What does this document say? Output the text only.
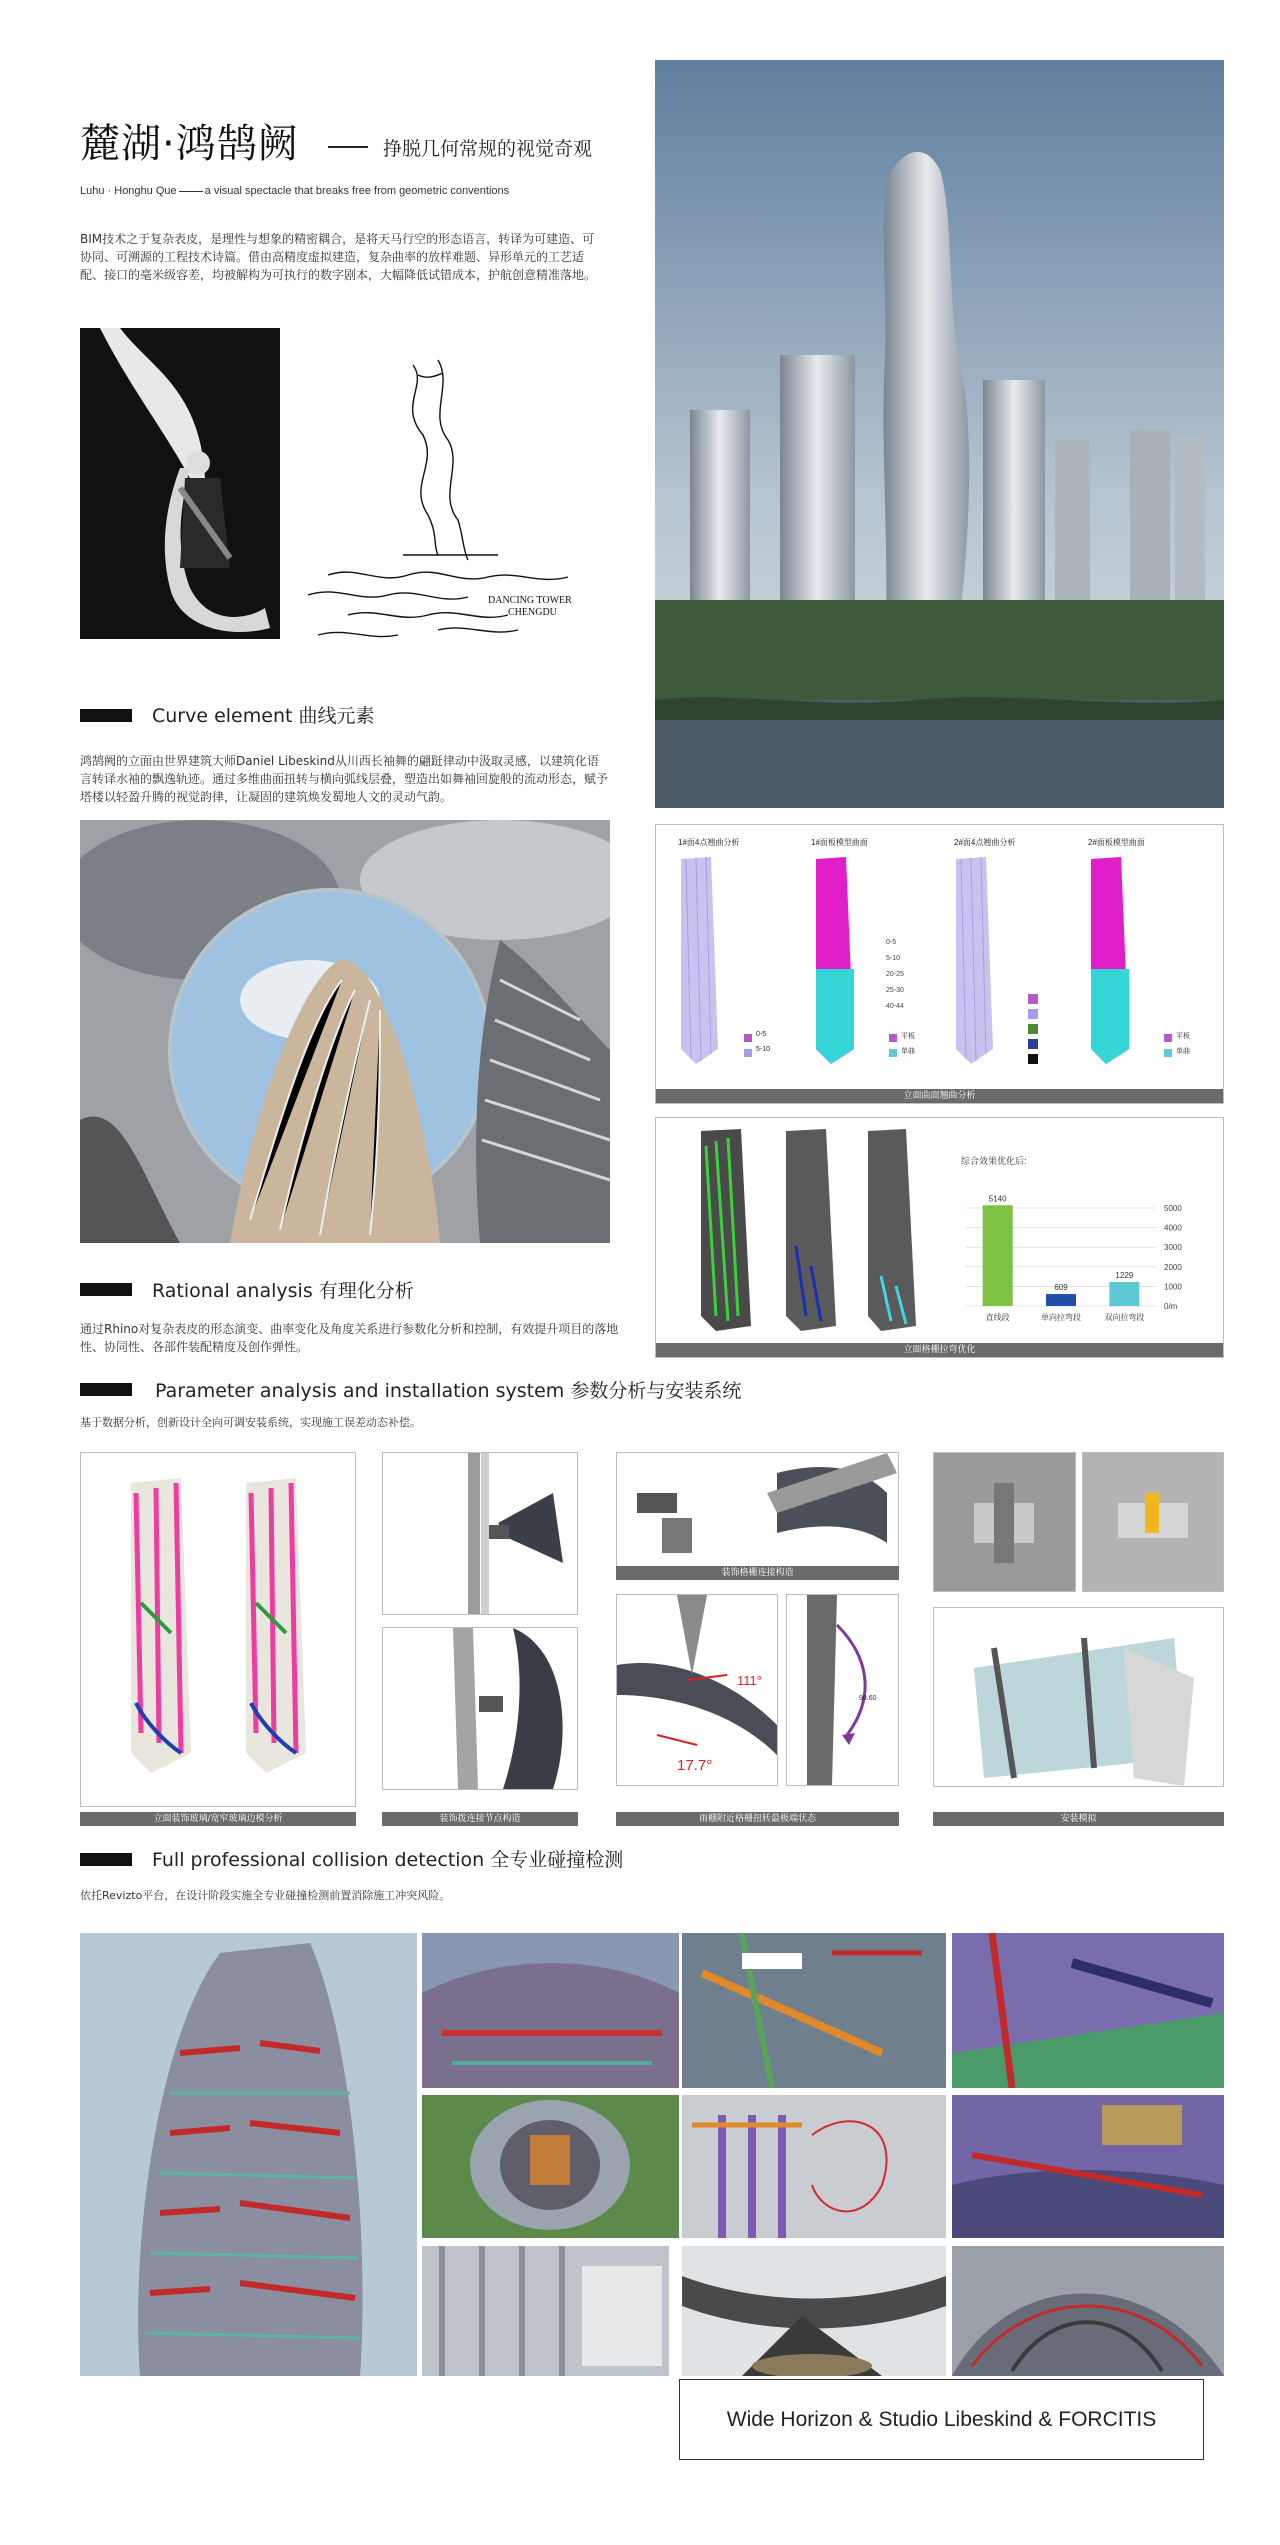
麓湖·鸿鹄阙	挣脱几何常规的视觉奇观
Luhu · Honghu Que	a visual spectacle that breaks free from geometric conventions
BIM技术之于复杂表皮，是理性与想象的精密耦合，是将天马行空的形态语言，转译为可建造、可协同、可溯源的工程技术诗篇。借由高精度虚拟建造，复杂曲率的放样难题、异形单元的工艺适配、接口的毫米级容差，均被解构为可执行的数字剧本，大幅降低试错成本，护航创意精准落地。
DANCING TOWER
CHENGDU
Curve element 曲线元素
鸿鹄阙的立面由世界建筑大师Daniel Libeskind从川西长袖舞的翩跹律动中汲取灵感，以建筑化语言转译水袖的飘逸轨迹。通过多维曲面扭转与横向弧线层叠，塑造出如舞袖回旋般的流动形态，赋予塔楼以轻盈升腾的视觉韵律，让凝固的建筑焕发蜀地人文的灵动气韵。
1#面4点翘曲分析	1#面板模型曲面	2#面4点翘曲分析	2#面板模型曲面
0-5
5-10
20-25
25-30
40-44
0-5
5-10
平板
单曲
平板
单曲
立面曲面翘曲分析
综合效果优化后:
5000
4000
3000
2000
1000
0/m
5140
直线段
609
单向拉弯段
1229
双向拉弯段
立面格栅拉弯优化
Rational analysis 有理化分析
通过Rhino对复杂表皮的形态演变、曲率变化及角度关系进行参数化分析和控制，有效提升项目的落地性、协同性、各部件装配精度及创作弹性。
Parameter analysis and installation system 参数分析与安装系统
基于数据分析，创新设计全向可调安装系统，实现施工误差动态补偿。
立面装饰玻璃/宽窄玻璃边模分析	装饰拨连接节点构造
装饰格栅连接构造
111°
17.7°
98.60
雨棚附近格栅扭转最极端状态	安装模拟
Full professional collision detection 全专业碰撞检测
依托Revizto平台，在设计阶段实施全专业碰撞检测前置消除施工冲突风险。
Wide Horizon & Studio Libeskind & FORCITIS
